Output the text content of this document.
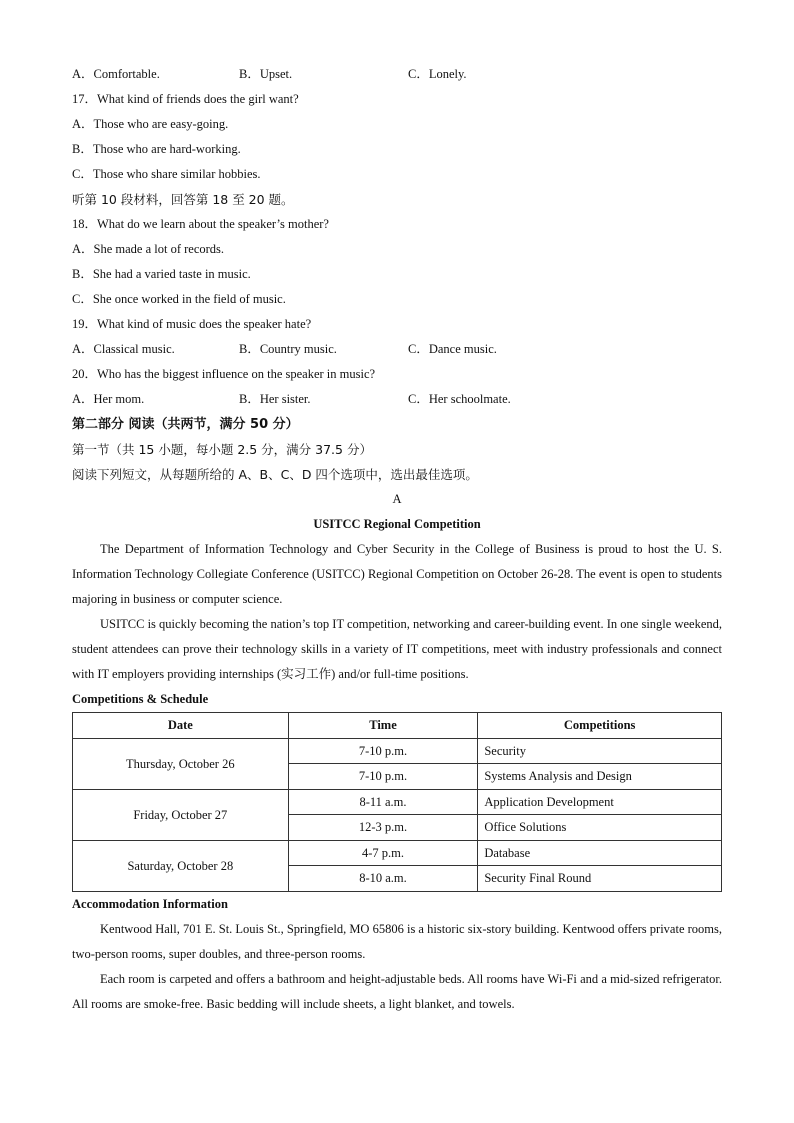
A．Comfortable.	B．Upset.	C．Lonely.
17．What kind of friends does the girl want?
A．Those who are easy-going.
B．Those who are hard-working.
C．Those who share similar hobbies.
听第 10 段材料，回答第 18 至 20 题。
18．What do we learn about the speaker’s mother?
A．She made a lot of records.
B．She had a varied taste in music.
C．She once worked in the field of music.
19．What kind of music does the speaker hate?
A．Classical music.	B．Country music.	C．Dance music.
20．Who has the biggest influence on the speaker in music?
A．Her mom.	B．Her sister.	C．Her schoolmate.
第二部分 阅读（共两节，满分 50 分）
第一节（共 15 小题，每小题 2.5 分，满分 37.5 分）
阅读下列短文，从每题所给的 A、B、C、D 四个选项中，选出最佳选项。
A
USITCC Regional Competition

The Department of Information Technology and Cyber Security in the College of Business is proud to host the U. S. Information Technology Collegiate Conference (USITCC) Regional Competition on October 26-28. The event is open to students majoring in business or computer science.

USITCC is quickly becoming the nation’s top IT competition, networking and career-building event. In one single weekend, student attendees can prove their technology skills in a variety of IT competitions, meet with industry professionals and connect with IT employers providing internships (实习工作) and/or full-time positions.

Competitions & Schedule
Date	Time	Competitions
Thursday, October 26	7-10 p.m.	Security
	7-10 p.m.	Systems Analysis and Design
Friday, October 27	8-11 a.m.	Application Development
	12-3 p.m.	Office Solutions
Saturday, October 28	4-7 p.m.	Database
	8-10 a.m.	Security Final Round
Accommodation Information

Kentwood Hall, 701 E. St. Louis St., Springfield, MO 65806 is a historic six-story building. Kentwood offers private rooms, two-person rooms, super doubles, and three-person rooms.

Each room is carpeted and offers a bathroom and height-adjustable beds. All rooms have Wi-Fi and a mid-sized refrigerator. All rooms are smoke-free. Basic bedding will include sheets, a light blanket, and towels.
